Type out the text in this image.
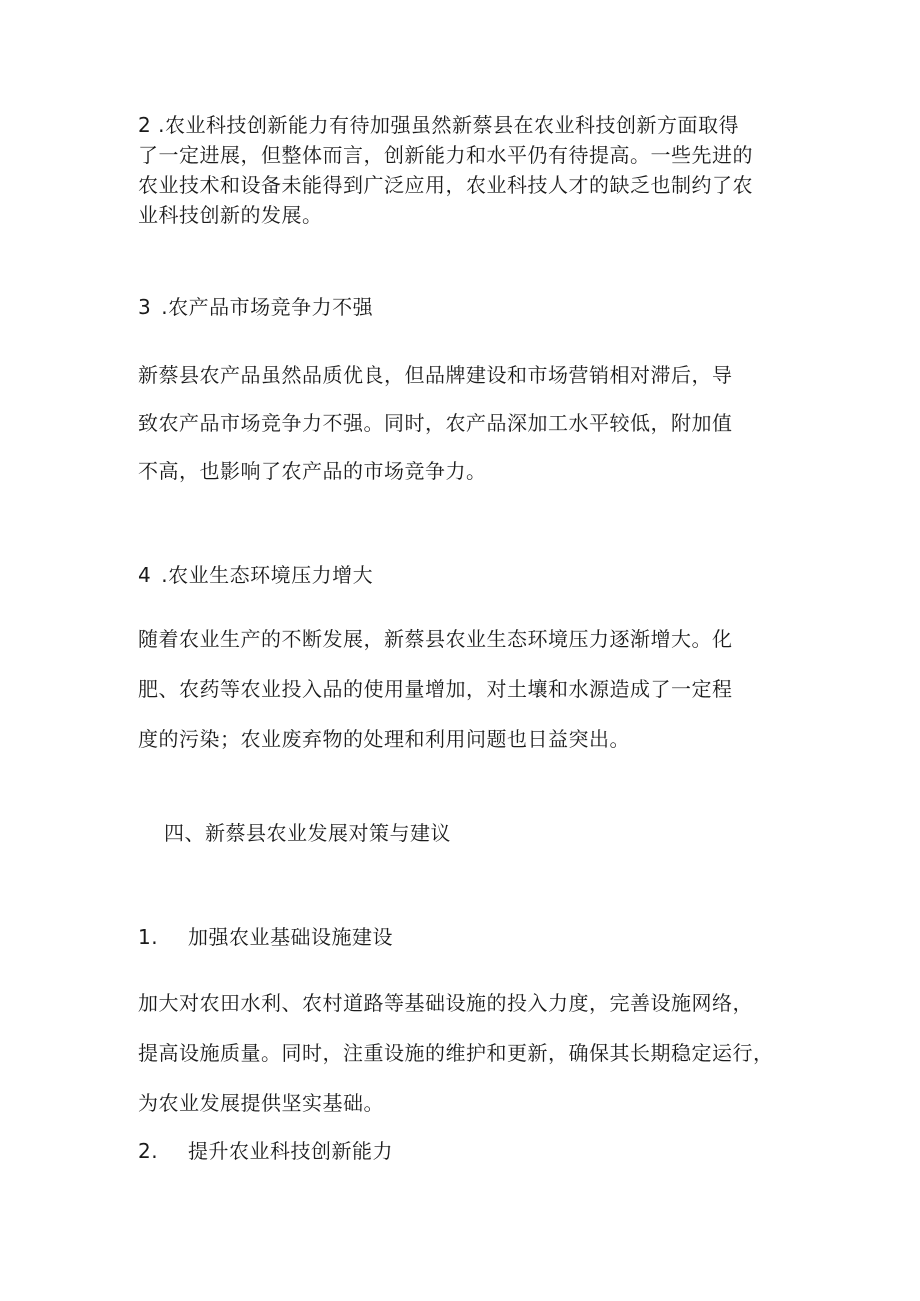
2 .农业科技创新能力有待加强虽然新蔡县在农业科技创新方面取得
了一定进展，但整体而言，创新能力和水平仍有待提高。一些先进的
农业技术和设备未能得到广泛应用，农业科技人才的缺乏也制约了农
业科技创新的发展。
3 .农产品市场竞争力不强
新蔡县农产品虽然品质优良，但品牌建设和市场营销相对滞后，导
致农产品市场竞争力不强。同时，农产品深加工水平较低，附加值
不高，也影响了农产品的市场竞争力。
4 .农业生态环境压力增大
随着农业生产的不断发展，新蔡县农业生态环境压力逐渐增大。化
肥、农药等农业投入品的使用量增加，对土壤和水源造成了一定程
度的污染；农业废弃物的处理和利用问题也日益突出。
四、新蔡县农业发展对策与建议
1. 加强农业基础设施建设
加大对农田水利、农村道路等基础设施的投入力度，完善设施网络，
提高设施质量。同时，注重设施的维护和更新，确保其长期稳定运行，
为农业发展提供坚实基础。
2. 提升农业科技创新能力
